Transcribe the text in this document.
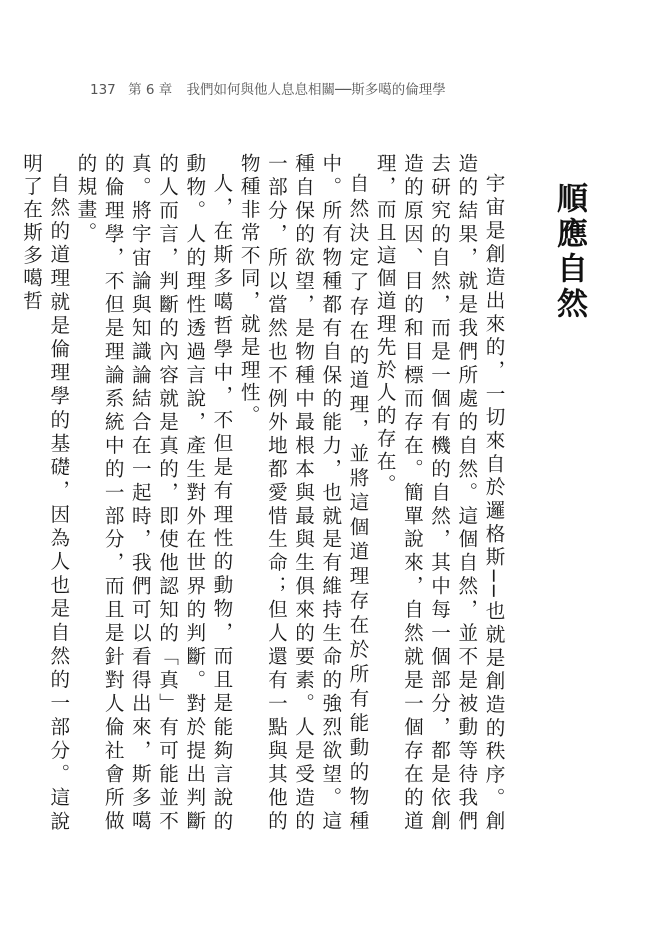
137 第 6 章 我們如何與他人息息相關──斯多噶的倫理學
順應自然

宇宙是創造出來的，一切來自於邏格斯──也就是創造的秩序。創造的結果，就是我們所處的自然。這個自然，並不是被動等待我們去研究的自然，而是一個有機的自然，其中每一個部分，都是依創造的原因、目的和目標而存在。簡單說來，自然就是一個存在的道理，而且這個道理先於人的存在。

自然決定了存在的道理，並將這個道理存在於所有能動的物種中。所有物種都有自保的能力，也就是有維持生命的強烈欲望。這種自保的欲望，是物種中最根本與最與生俱來的要素。人是受造的一部分，所以當然也不例外地都愛惜生命；但人還有一點與其他的物種非常不同，就是理性。

人，在斯多噶哲學中，不但是有理性的動物，而且是能夠言說的動物。人的理性透過言說，產生對外在世界的判斷。對於提出判斷的人而言，判斷的內容就是真的，即使他認知的「真」有可能並不真。將宇宙論與知識論結合在一起時，我們可以看得出來，斯多噶的倫理學，不但是理論系統中的一部分，而且是針對人倫社會所做的規畫。

自然的道理就是倫理學的基礎，因為人也是自然的一部分。這說明了在斯多噶哲
